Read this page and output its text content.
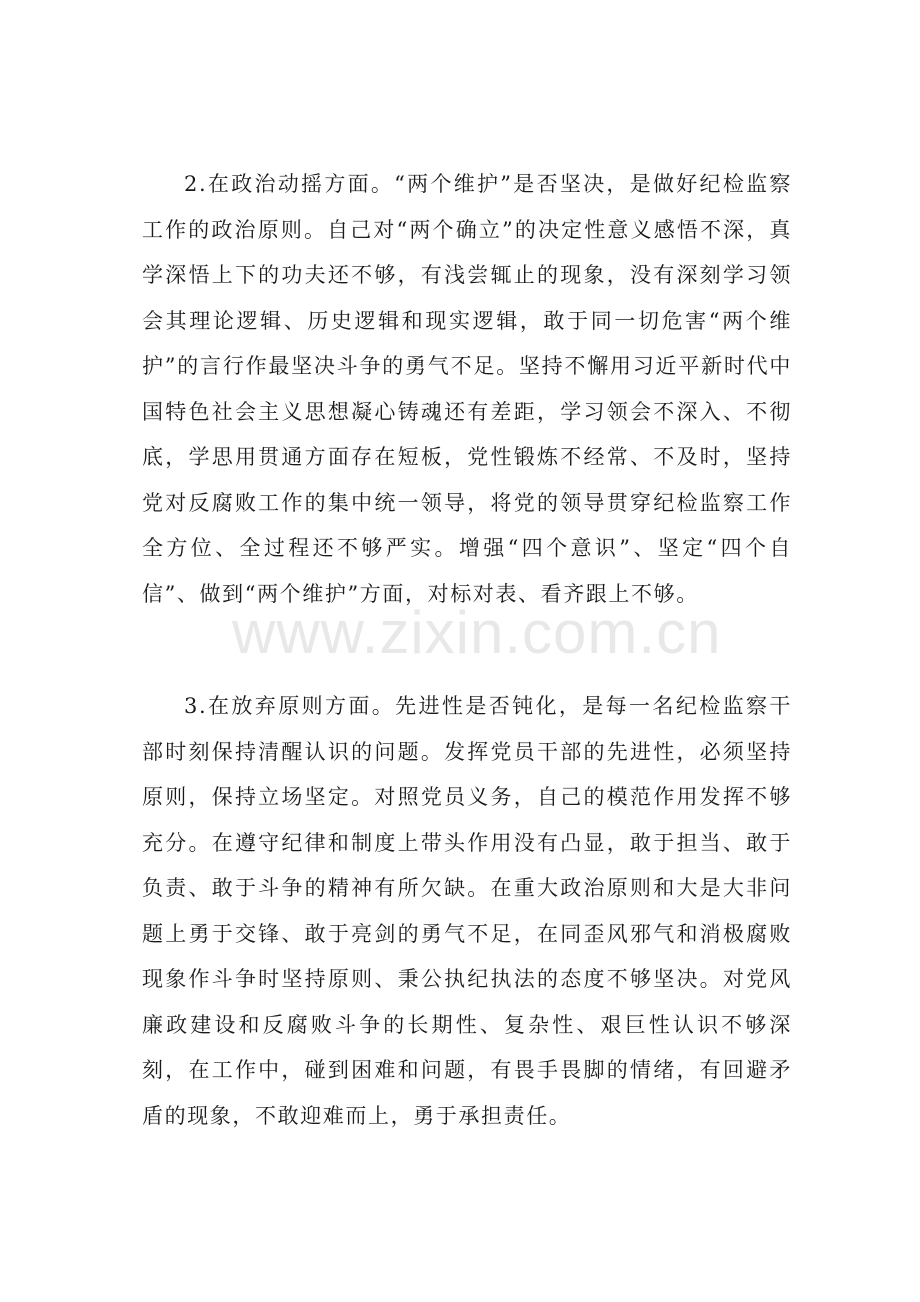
2.在政治动摇方面。“两个维护”是否坚决，是做好纪检监察工作的政治原则。自己对“两个确立”的决定性意义感悟不深，真学深悟上下的功夫还不够，有浅尝辄止的现象，没有深刻学习领会其理论逻辑、历史逻辑和现实逻辑，敢于同一切危害“两个维护”的言行作最坚决斗争的勇气不足。坚持不懈用习近平新时代中国特色社会主义思想凝心铸魂还有差距，学习领会不深入、不彻底，学思用贯通方面存在短板，党性锻炼不经常、不及时，坚持党对反腐败工作的集中统一领导，将党的领导贯穿纪检监察工作全方位、全过程还不够严实。增强“四个意识”、坚定“四个自信”、做到“两个维护”方面，对标对表、看齐跟上不够。

www.zixin.com.cn

3.在放弃原则方面。先进性是否钝化，是每一名纪检监察干部时刻保持清醒认识的问题。发挥党员干部的先进性，必须坚持原则，保持立场坚定。对照党员义务，自己的模范作用发挥不够充分。在遵守纪律和制度上带头作用没有凸显，敢于担当、敢于负责、敢于斗争的精神有所欠缺。在重大政治原则和大是大非问题上勇于交锋、敢于亮剑的勇气不足，在同歪风邪气和消极腐败现象作斗争时坚持原则、秉公执纪执法的态度不够坚决。对党风廉政建设和反腐败斗争的长期性、复杂性、艰巨性认识不够深刻，在工作中，碰到困难和问题，有畏手畏脚的情绪，有回避矛盾的现象，不敢迎难而上，勇于承担责任。
